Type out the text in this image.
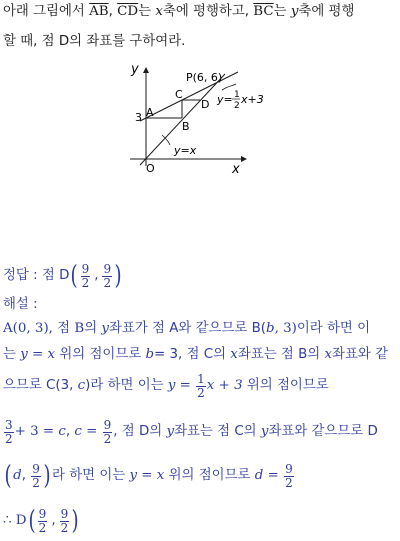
아래 그림에서 $\overline{AB}$, $\overline{CD}$는 x축에 평행하고, $\overline{BC}$는 y축에 평행
할 때, 점 D의 좌표를 구하여라.
y
x
O
A
B
C
D
P(6, 6)
3
y= 1
2 x+3
y=x
정답 : 점 $D( \frac{9}{2}$ , $\frac{9}{2}$ )
해설 :
A(0, 3), 점 B의 y좌표가 점 A와 같으므로 B(b, 3)이라 하면 이
는 y = x 위의 점이므로 b= 3, 점 C의 x좌표는 점 B의 x좌표와 같
으므로 C(3, c)라 하면 이는 $y = \frac{1}{2}$ x + 3 위의 점이므로
$\frac{3}{2} + 3 = c$, $c = \frac{9}{2}$ , 점 D의 y좌표는 점 C의 y좌표와 같으므로 D
( d, $\frac{9}{2}$ ) 라 하면 이는 y = x 위의 점이므로 $d = \frac{9}{2}$
∴ $D( \frac{9}{2}$ , $\frac{9}{2}$ )
